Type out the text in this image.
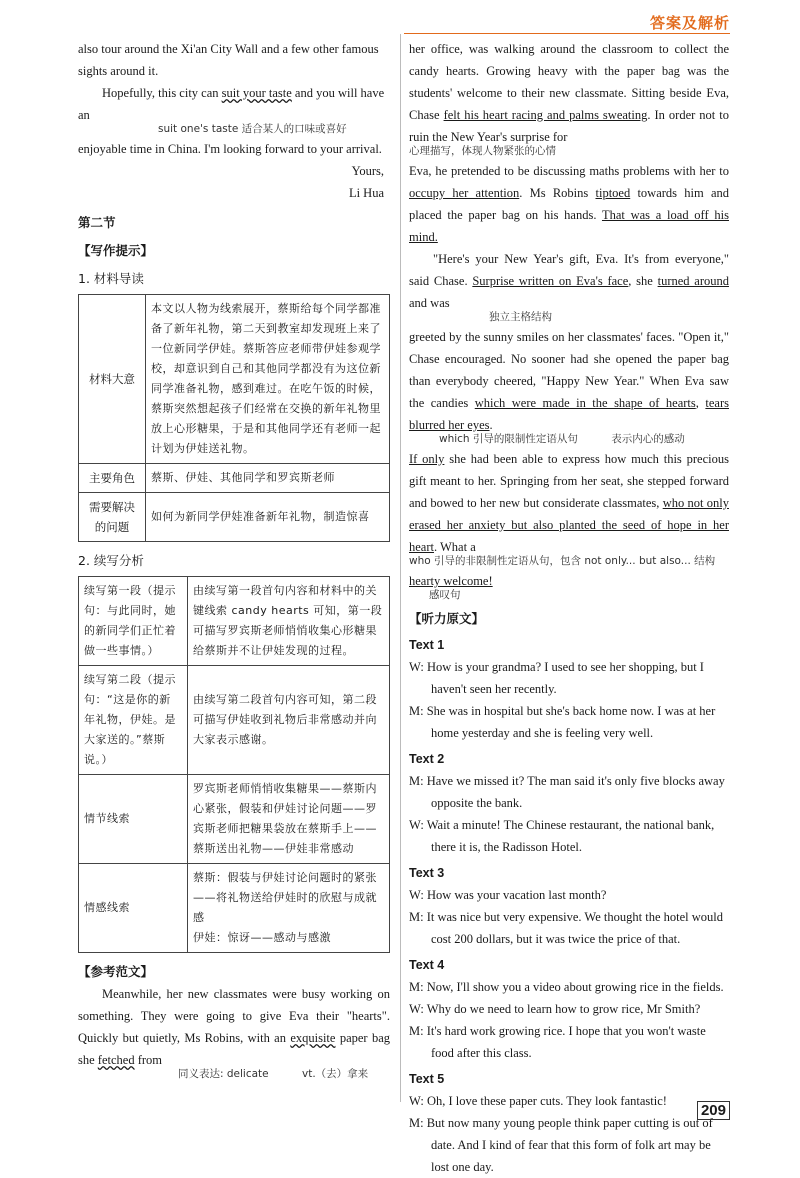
答案及解析

also tour around the Xi'an City Wall and a few other famous sights around it.

Hopefully, this city can suit your taste and you will have an

suit one's taste 适合某人的口味或喜好

enjoyable time in China. I'm looking forward to your arrival.

Yours,

Li Hua

第二节

【写作提示】

1. 材料导读

材料大意	本文以人物为线索展开，蔡斯给每个同学都准备了新年礼物，第二天到教室却发现班上来了一位新同学伊娃。蔡斯答应老师带伊娃参观学校，却意识到自己和其他同学都没有为这位新同学准备礼物，感到难过。在吃午饭的时候，蔡斯突然想起孩子们经常在交换的新年礼物里放上心形糖果，于是和其他同学还有老师一起计划为伊娃送礼物。
主要角色	蔡斯、伊娃、其他同学和罗宾斯老师
需要解决的问题	如何为新同学伊娃准备新年礼物，制造惊喜

2. 续写分析

续写第一段（提示句：与此同时，她的新同学们正忙着做一些事情。）	由续写第一段首句内容和材料中的关键线索 candy hearts 可知，第一段可描写罗宾斯老师悄悄收集心形糖果给蔡斯并不让伊娃发现的过程。
续写第二段（提示句：“这是你的新年礼物，伊娃。是大家送的。”蔡斯说。）	由续写第二段首句内容可知，第二段可描写伊娃收到礼物后非常感动并向大家表示感谢。
情节线索	罗宾斯老师悄悄收集糖果——蔡斯内心紧张，假装和伊娃讨论问题——罗宾斯老师把糖果袋放在蔡斯手上——蔡斯送出礼物——伊娃非常感动
情感线索	蔡斯：假装与伊娃讨论问题时的紧张——将礼物送给伊娃时的欣慰与成就感
伊娃：惊讶——感动与感激

【参考范文】

Meanwhile, her new classmates were busy working on something. They were going to give Eva their "hearts". Quickly but quietly, Ms Robins, with an exquisite paper bag she fetched from

同义表达: delicate          vt.（去）拿来

her office, was walking around the classroom to collect the candy hearts. Growing heavy with the paper bag was the students' welcome to their new classmate. Sitting beside Eva, Chase felt his heart racing and palms sweating. In order not to ruin the New Year's surprise for

心理描写，体现人物紧张的心情

Eva, he pretended to be discussing maths problems with her to occupy her attention. Ms Robins tiptoed towards him and placed the paper bag on his hands. That was a load off his mind.

"Here's your New Year's gift, Eva. It's from everyone," said Chase. Surprise written on Eva's face, she turned around and was

独立主格结构

greeted by the sunny smiles on her classmates' faces. "Open it," Chase encouraged. No sooner had she opened the paper bag than everybody cheered, "Happy New Year." When Eva saw the candies which were made in the shape of hearts, tears blurred her eyes.

which 引导的限制性定语从句          表示内心的感动

If only she had been able to express how much this precious gift meant to her. Springing from her seat, she stepped forward and bowed to her new but considerate classmates, who not only erased her anxiety but also planted the seed of hope in her heart. What a

who 引导的非限制性定语从句，包含 not only... but also... 结构

hearty welcome!

感叹句

【听力原文】

Text 1

W: How is your grandma? I used to see her shopping, but I haven't seen her recently.

M: She was in hospital but she's back home now. I was at her home yesterday and she is feeling very well.

Text 2

M: Have we missed it? The man said it's only five blocks away opposite the bank.

W: Wait a minute! The Chinese restaurant, the national bank, there it is, the Radisson Hotel.

Text 3

W: How was your vacation last month?

M: It was nice but very expensive. We thought the hotel would cost 200 dollars, but it was twice the price of that.

Text 4

M: Now, I'll show you a video about growing rice in the fields.

W: Why do we need to learn how to grow rice, Mr Smith?

M: It's hard work growing rice. I hope that you won't waste food after this class.

Text 5

W: Oh, I love these paper cuts. They look fantastic!

M: But now many young people think paper cutting is out of date. And I kind of fear that this form of folk art may be lost one day.

209
